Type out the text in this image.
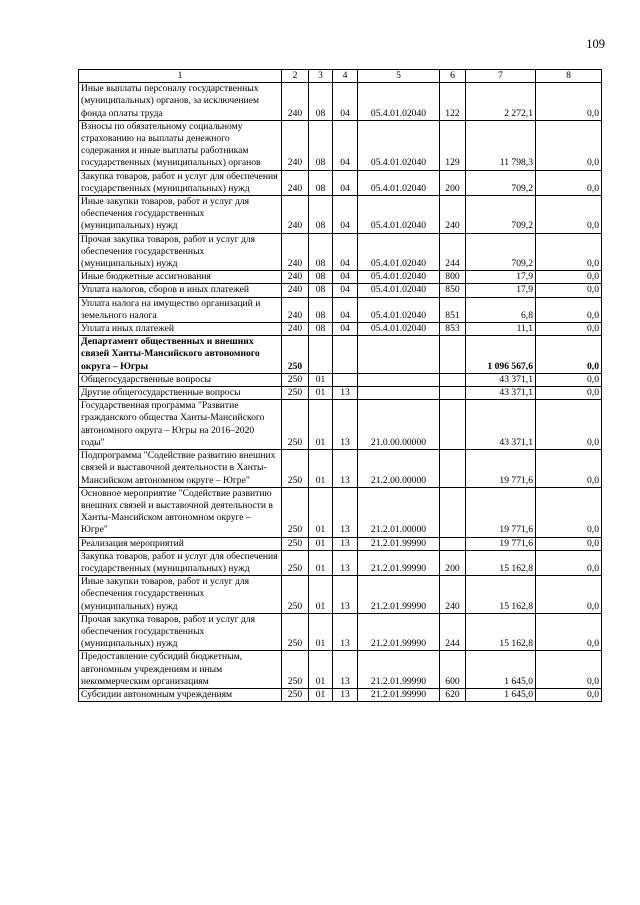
109
1	2	3	4	5	6	7	8
Иные выплаты персоналу государственных (муниципальных) органов, за исключением фонда оплаты труда	240	08	04	05.4.01.02040	122	2 272,1	0,0
Взносы по обязательному социальному страхованию на выплаты денежного содержания и иные выплаты работникам государственных (муниципальных) органов	240	08	04	05.4.01.02040	129	11 798,3	0,0
Закупка товаров, работ и услуг для обеспечения государственных (муниципальных) нужд	240	08	04	05.4.01.02040	200	709,2	0,0
Иные закупки товаров, работ и услуг для обеспечения государственных (муниципальных) нужд	240	08	04	05.4.01.02040	240	709,2	0,0
Прочая закупка товаров, работ и услуг для обеспечения государственных (муниципальных) нужд	240	08	04	05.4.01.02040	244	709,2	0,0
Иные бюджетные ассигнования	240	08	04	05.4.01.02040	800	17,9	0,0
Уплата налогов, сборов и иных платежей	240	08	04	05.4.01.02040	850	17,9	0,0
Уплата налога на имущество организаций и земельного налога	240	08	04	05.4.01.02040	851	6,8	0,0
Уплата иных платежей	240	08	04	05.4.01.02040	853	11,1	0,0
Департамент общественных и внешних связей Ханты-Мансийского автономного округа – Югры	250					1 096 567,6	0,0
Общегосударственные вопросы	250	01				43 371,1	0,0
Другие общегосударственные вопросы	250	01	13			43 371,1	0,0
Государственная программа "Развитие гражданского общества Ханты-Мансийского автономного округа – Югры на 2016–2020 годы"	250	01	13	21.0.00.00000		43 371,1	0,0
Подпрограмма "Содействие развитию внешних связей и выставочной деятельности в Ханты-Мансийском автономном округе – Югре"	250	01	13	21.2.00.00000		19 771,6	0,0
Основное мероприятие "Содействие развитию внешних связей и выставочной деятельности в Ханты-Мансийском автономном округе – Югре"	250	01	13	21.2.01.00000		19 771,6	0,0
Реализация мероприятий	250	01	13	21.2.01.99990		19 771,6	0,0
Закупка товаров, работ и услуг для обеспечения государственных (муниципальных) нужд	250	01	13	21.2.01.99990	200	15 162,8	0,0
Иные закупки товаров, работ и услуг для обеспечения государственных (муниципальных) нужд	250	01	13	21.2.01.99990	240	15 162,8	0,0
Прочая закупка товаров, работ и услуг для обеспечения государственных (муниципальных) нужд	250	01	13	21.2.01.99990	244	15 162,8	0,0
Предоставление субсидий бюджетным, автономным учреждениям и иным некоммерческим организациям	250	01	13	21.2.01.99990	600	1 645,0	0,0
Субсидии автономным учреждениям	250	01	13	21.2.01.99990	620	1 645,0	0,0
